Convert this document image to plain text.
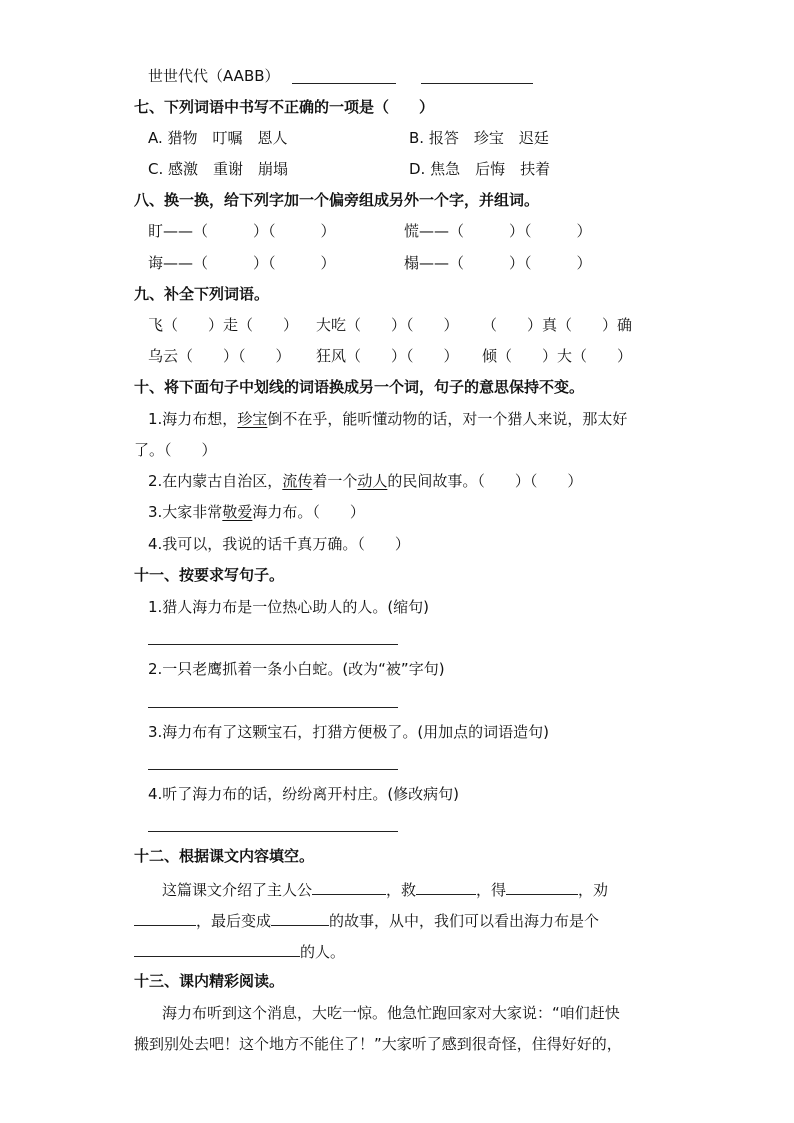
世世代代（AABB）
七、下列词语中书写不正确的一项是（　　）
A. 猎物　叮嘱　恩人	B. 报答　珍宝　迟廷
C. 感激　重谢　崩塌	D. 焦急　后悔　扶着
八、换一换，给下列字加一个偏旁组成另外一个字，并组词。
盯——（　　　）（　　　）	慌——（　　　）（　　　）
诲——（　　　）（　　　）	榻——（　　　）（　　　）
九、补全下列词语。
飞（　　）走（　　） 大吃（　　）（　　） （　　）真（　　）确
乌云（　　）（　　） 狂风（　　）（　　） 倾（　　）大（　　）
十、将下面句子中划线的词语换成另一个词，句子的意思保持不变。
1.海力布想，珍宝倒不在乎，能听懂动物的话，对一个猎人来说，那太好
了。（　　）
2.在内蒙古自治区，流传着一个动人的民间故事。（　　）（　　）
3.大家非常敬爱海力布。（　　）
4.我可以，我说的话千真万确。（　　）
十一、按要求写句子。
1.猎人海力布是一位热心助人的人。(缩句)
2.一只老鹰抓着一条小白蛇。(改为“被”字句)
3.海力布有了这颗宝石，打猎方便极了。(用加点的词语造句)
4.听了海力布的话，纷纷离开村庄。(修改病句)
十二、根据课文内容填空。
这篇课文介绍了主人公	，救	，得	，劝
，最后变成	的故事，从中，我们可以看出海力布是个
的人。
十三、课内精彩阅读。
海力布听到这个消息，大吃一惊。他急忙跑回家对大家说：“咱们赶快
搬到别处去吧！这个地方不能住了！”大家听了感到很奇怪，住得好好的，
